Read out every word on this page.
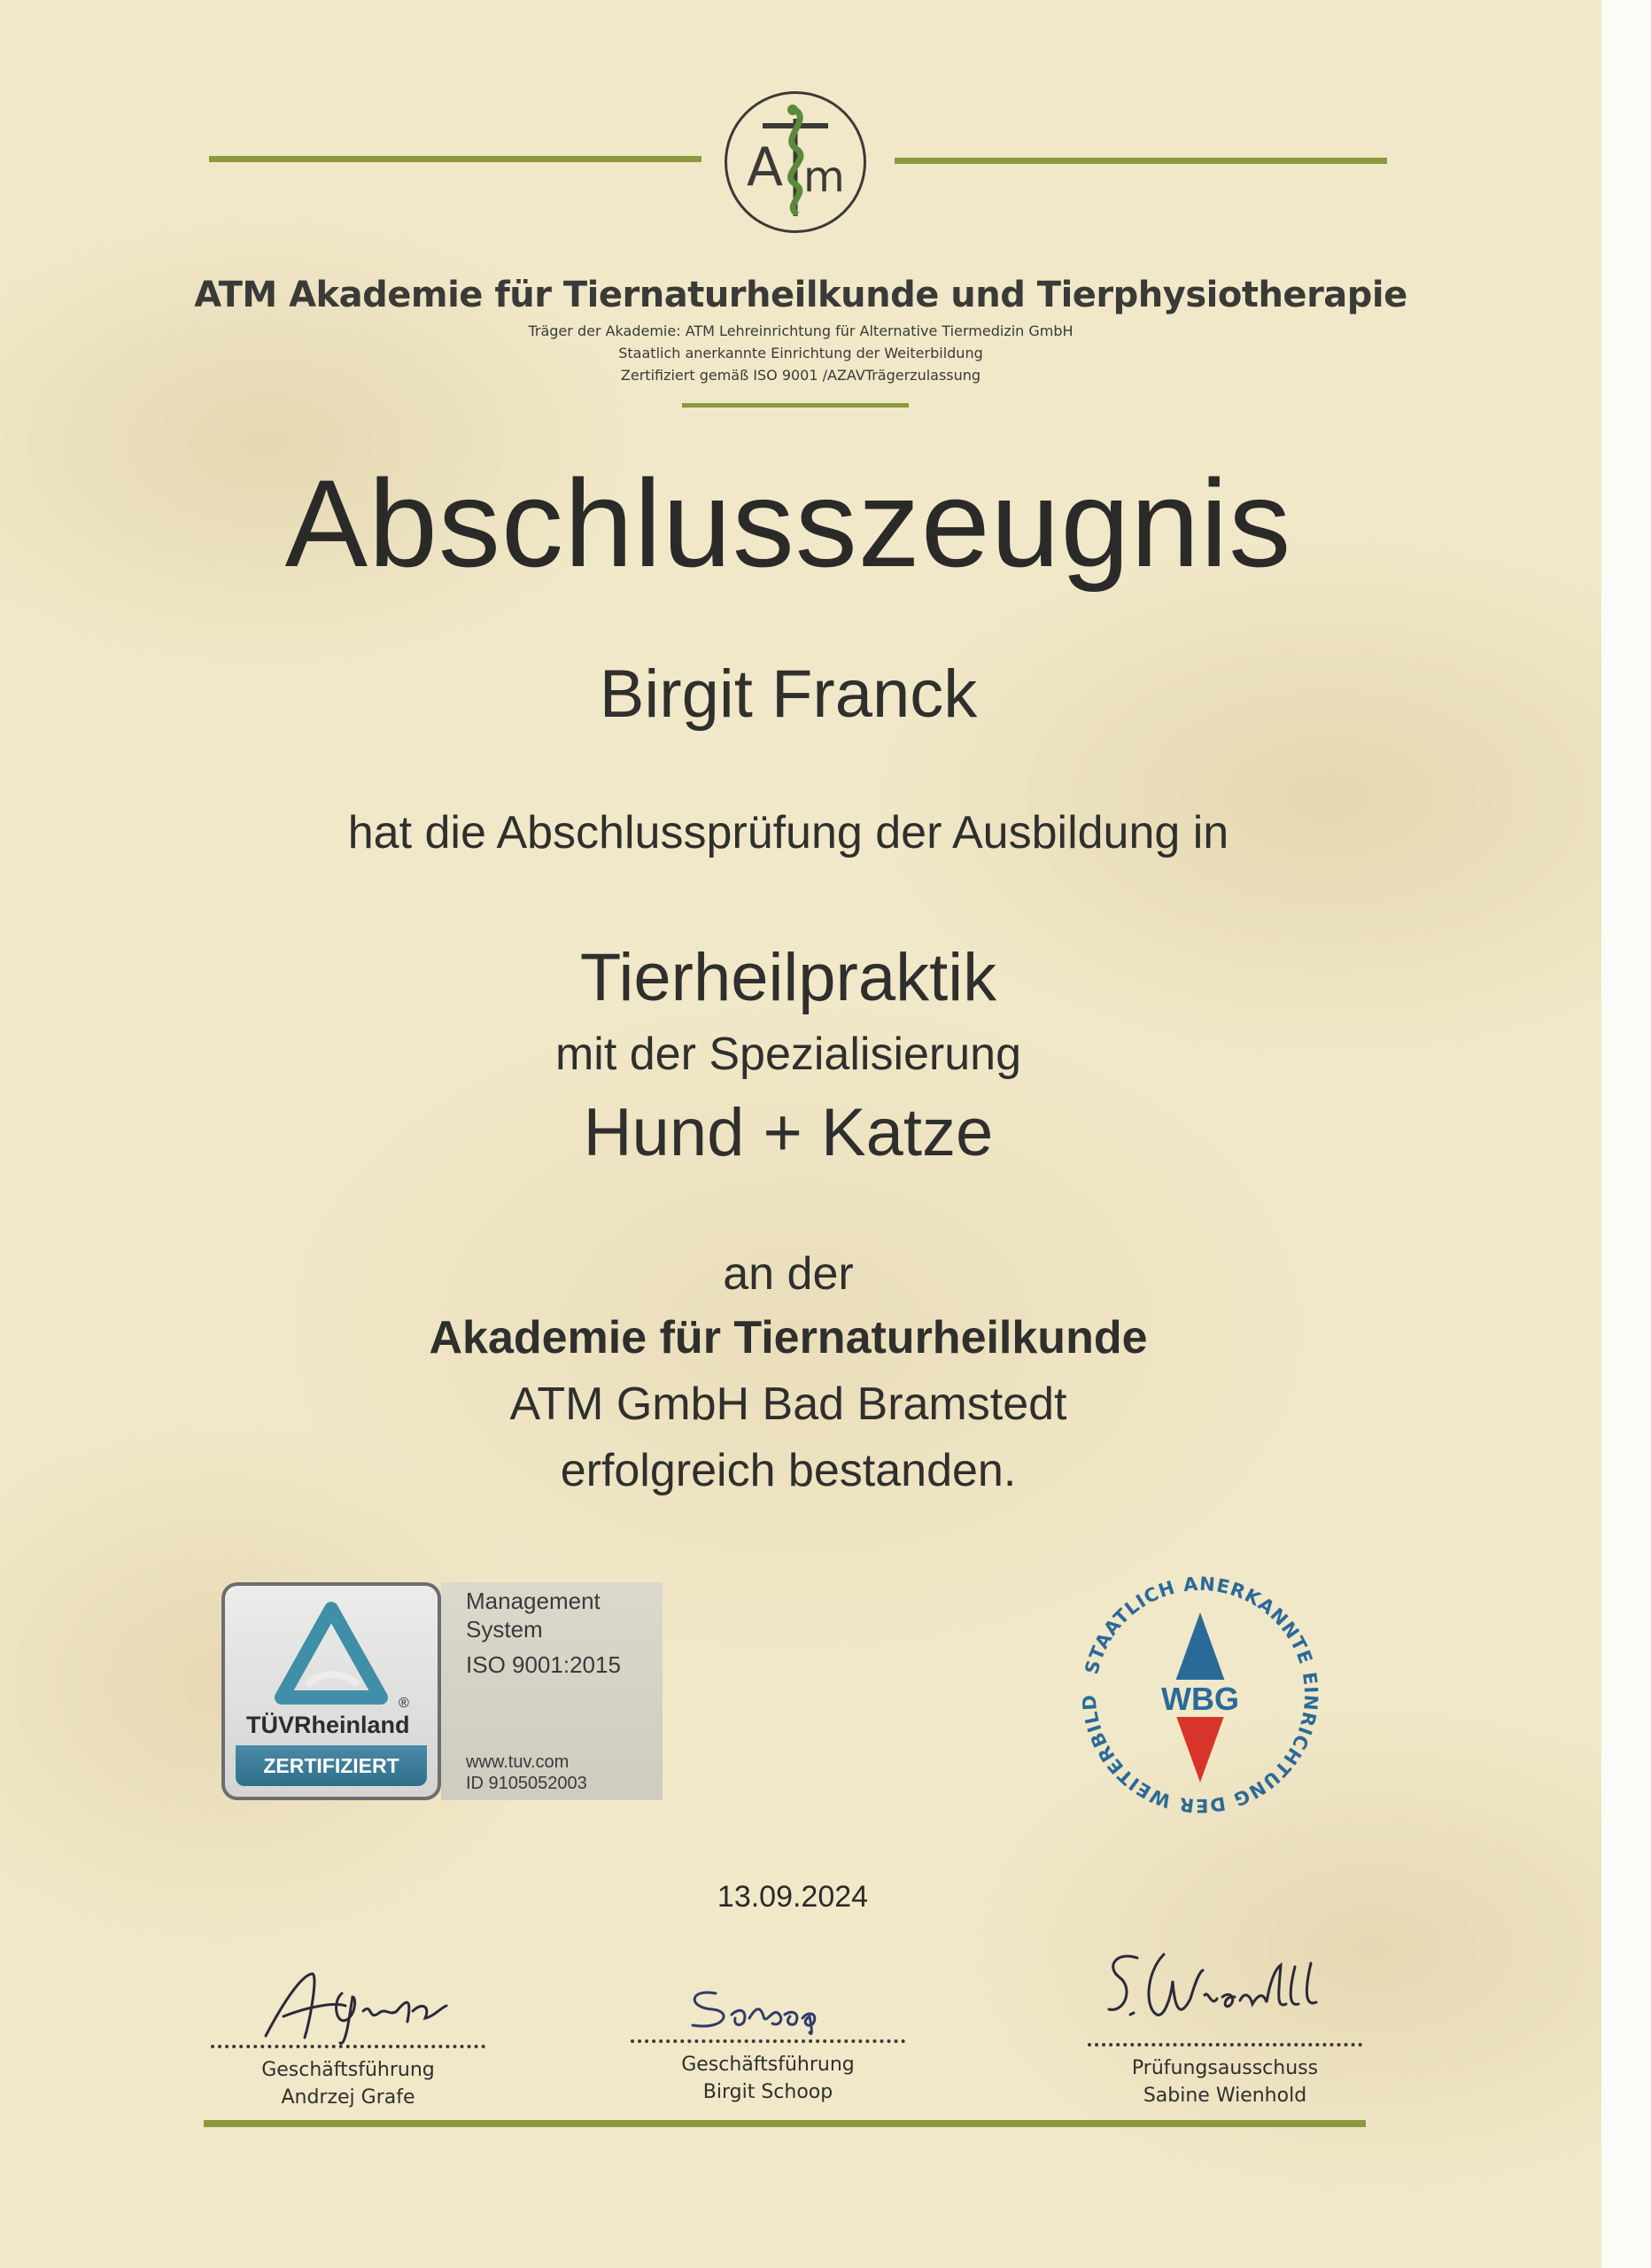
A m
ATM Akademie für Tiernaturheilkunde und Tierphysiotherapie
Träger der Akademie: ATM Lehreinrichtung für Alternative Tiermedizin GmbH
Staatlich anerkannte Einrichtung der Weiterbildung
Zertifiziert gemäß ISO 9001 /AZAVTrägerzulassung
Abschlusszeugnis
Birgit Franck
hat die Abschlussprüfung der Ausbildung in
Tierheilpraktik
mit der Spezialisierung
Hund + Katze
an der
Akademie für Tiernaturheilkunde
ATM GmbH Bad Bramstedt
erfolgreich bestanden.
TÜVRheinland
®
ZERTIFIZIERT
Management
System
ISO 9001:2015
www.tuv.com
ID 9105052003
STAATLICH ANERKANNTE EINRICHTUNG DER WEITERBILD	WBG
13.09.2024
Geschäftsführung
Andrzej Grafe
Geschäftsführung
Birgit Schoop
Prüfungsausschuss
Sabine Wienhold
